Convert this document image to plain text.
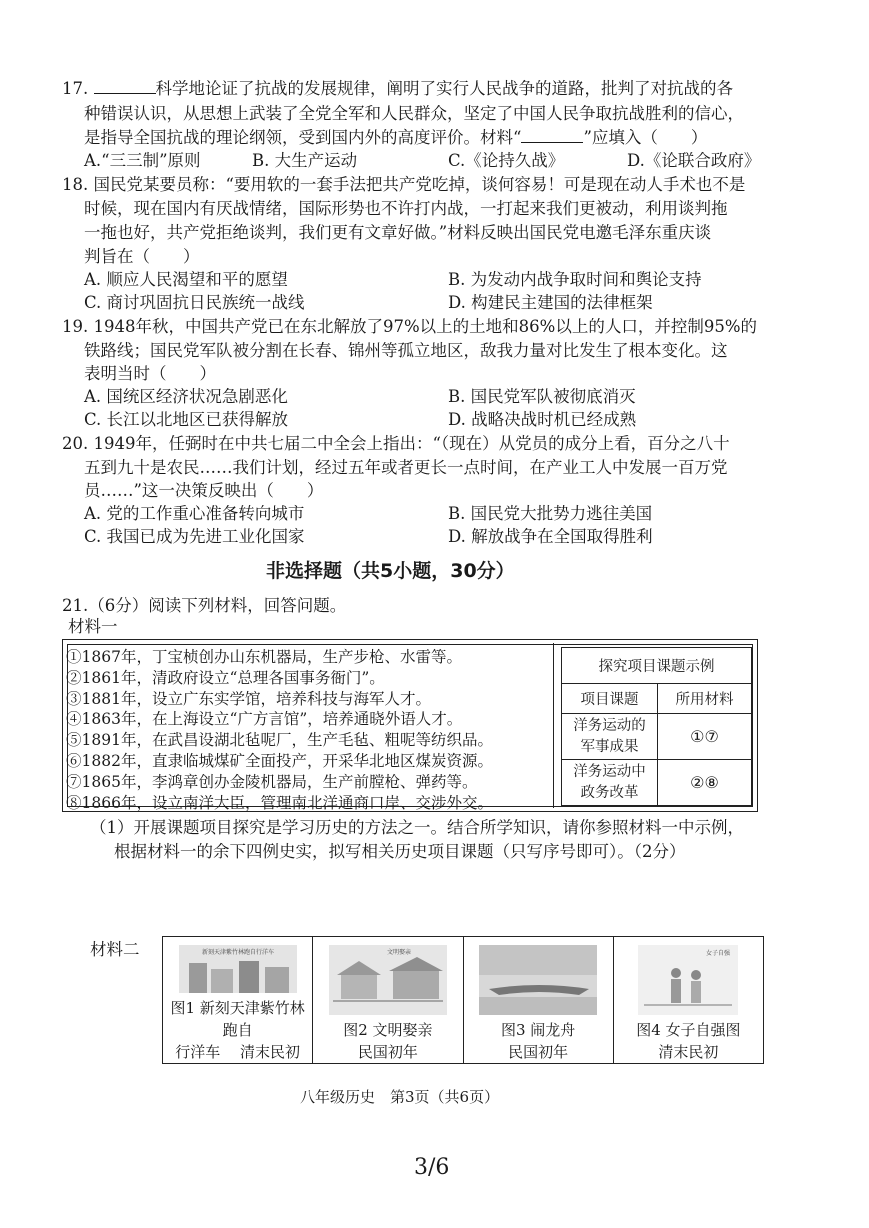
17.	科学地论证了抗战的发展规律，阐明了实行人民战争的道路，批判了对抗战的各
种错误认识，从思想上武装了全党全军和人民群众，坚定了中国人民争取抗战胜利的信心，
是指导全国抗战的理论纲领，受到国内外的高度评价。材料“	”应填入（　　）
A.“三三制”原则	B. 大生产运动	C.《论持久战》	D.《论联合政府》
18. 国民党某要员称：“要用软的一套手法把共产党吃掉，谈何容易！可是现在动人手术也不是
时候，现在国内有厌战情绪，国际形势也不许打内战，一打起来我们更被动，利用谈判拖
一拖也好，共产党拒绝谈判，我们更有文章好做。”材料反映出国民党电邀毛泽东重庆谈
判旨在（　　）
A. 顺应人民渴望和平的愿望	B. 为发动内战争取时间和舆论支持
C. 商讨巩固抗日民族统一战线	D. 构建民主建国的法律框架
19. 1948年秋，中国共产党已在东北解放了97%以上的土地和86%以上的人口，并控制95%的
铁路线；国民党军队被分割在长春、锦州等孤立地区，敌我力量对比发生了根本变化。这
表明当时（　　）
A. 国统区经济状况急剧恶化	B. 国民党军队被彻底消灭
C. 长江以北地区已获得解放	D. 战略决战时机已经成熟
20. 1949年，任弼时在中共七届二中全会上指出：“（现在）从党员的成分上看，百分之八十
五到九十是农民……我们计划，经过五年或者更长一点时间，在产业工人中发展一百万党
员……”这一决策反映出（　　）
A. 党的工作重心准备转向城市	B. 国民党大批势力逃往美国
C. 我国已成为先进工业化国家	D. 解放战争在全国取得胜利
非选择题（共5小题，30分）
21.（6分）阅读下列材料，回答问题。
材料一
①1867年，丁宝桢创办山东机器局，生产步枪、水雷等。
②1861年，清政府设立“总理各国事务衙门”。
③1881年，设立广东实学馆，培养科技与海军人才。
④1863年，在上海设立“广方言馆”，培养通晓外语人才。
⑤1891年，在武昌设湖北毡呢厂，生产毛毡、粗呢等纺织品。
⑥1882年，直隶临城煤矿全面投产，开采华北地区煤炭资源。
⑦1865年，李鸿章创办金陵机器局，生产前膛枪、弹药等。
⑧1866年，设立南洋大臣，管理南北洋通商口岸、交涉外交。
探究项目课题示例	
项目课题	所用材料
洋务运动的
军事成果	①⑦
洋务运动中
政务改革	②⑧
（1）开展课题项目探究是学习历史的方法之一。结合所学知识，请你参照材料一中示例，
根据材料一的余下四例史实，拟写相关历史项目课题（只写序号即可）。（2分）
材料二	新刻天津紫竹林跑自行洋车
图1 新刻天津紫竹林跑自
行洋车　 清末民初
文明娶亲
图2 文明娶亲
民国初年
图3 闹龙舟
民国初年
女子自强
图4 女子自强图
清末民初
八年级历史　第3页（共6页）
3/6
